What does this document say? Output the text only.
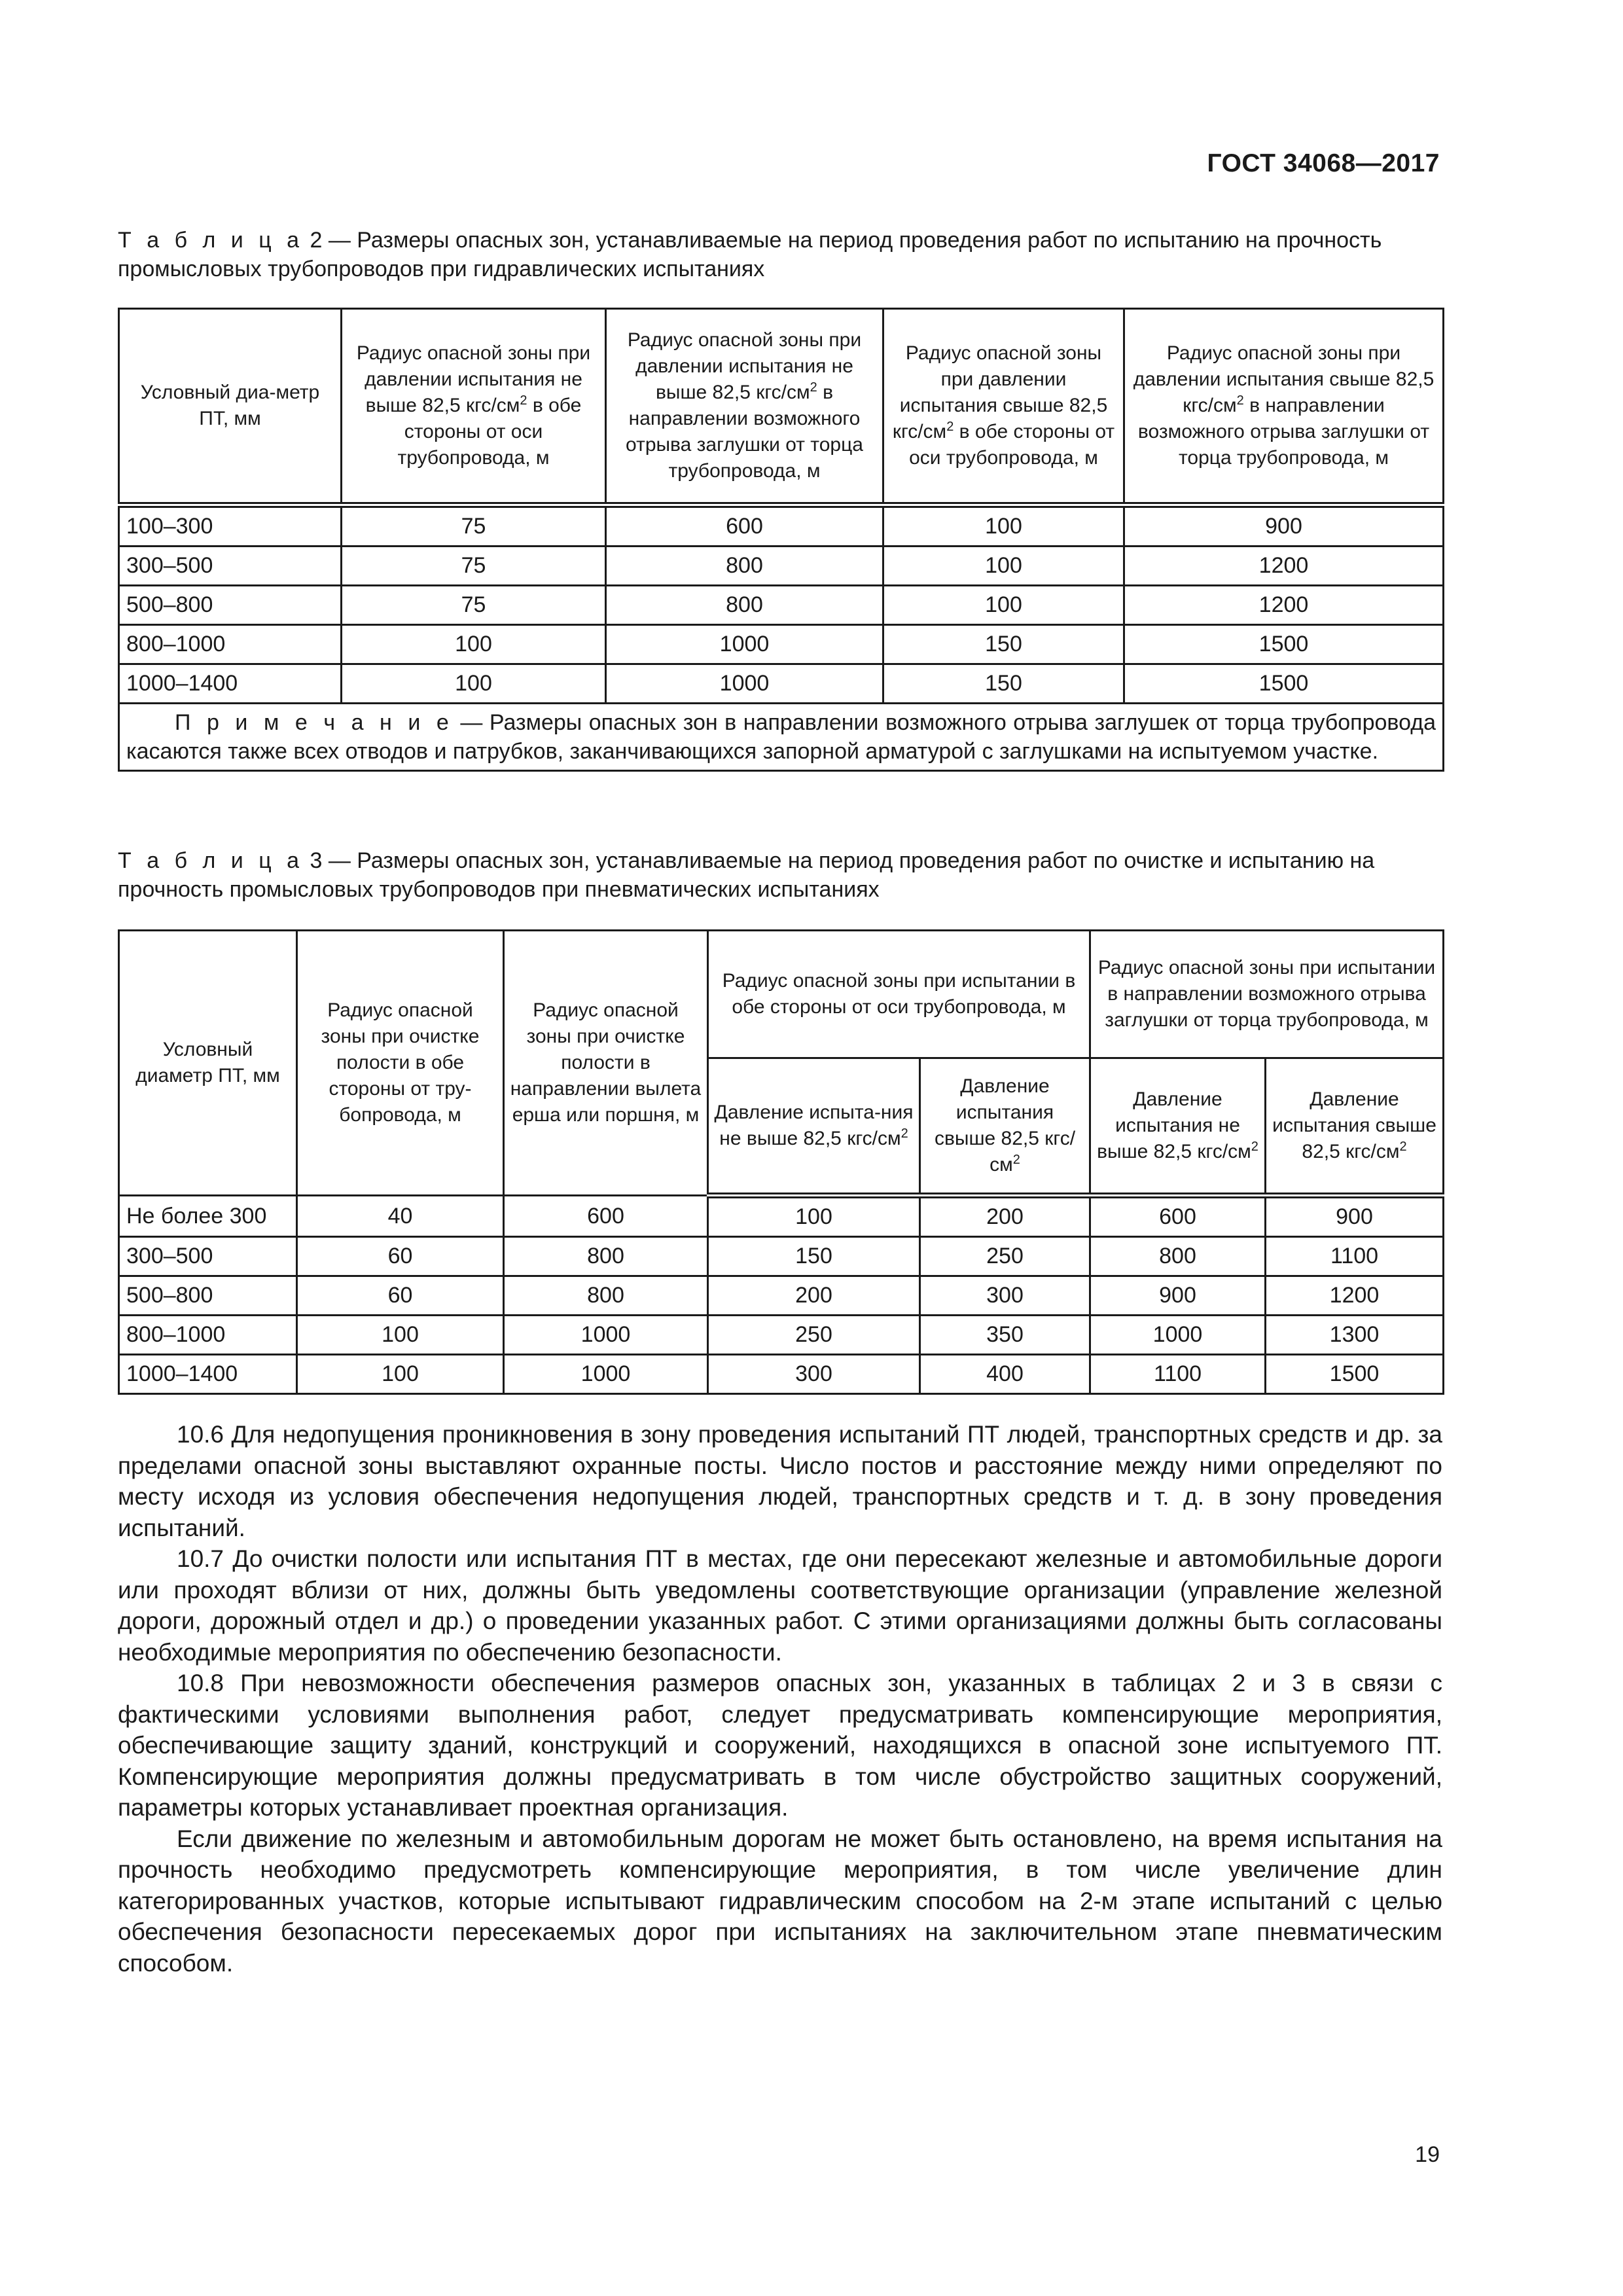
ГОСТ 34068—2017
Т а б л и ц а 2 — Размеры опасных зон, устанавливаемые на период проведения работ по испытанию на прочность промысловых трубопроводов при гидравлических испытаниях
Условный диа-метр ПТ, мм	Радиус опасной зоны при давлении испытания не выше 82,5 кгс/$см^2$ в обе стороны от оси трубопровода, м	Радиус опасной зоны при давлении испытания не выше 82,5 кгс/$см^2$ в направлении возможного отрыва заглушки от торца трубопровода, м	Радиус опасной зоны при давлении испытания свыше 82,5 кгс/$см^2$ в обе стороны от оси трубопровода, м	Радиус опасной зоны при давлении испытания свыше 82,5 кгс/$см^2$ в направлении возможного отрыва заглушки от торца трубопровода, м
100–300	75	600	100	900
300–500	75	800	100	1200
500–800	75	800	100	1200
800–1000	100	1000	150	1500
1000–1400	100	1000	150	1500
П р и м е ч а н и е — Размеры опасных зон в направлении возможного отрыва заглушек от торца трубопровода касаются также всех отводов и патрубков, заканчивающихся запорной арматурой с заглушками на испытуемом участке.				
Т а б л и ц а 3 — Размеры опасных зон, устанавливаемые на период проведения работ по очистке и испытанию на прочность промысловых трубопроводов при пневматических испытаниях
Условный диаметр ПТ, мм	Радиус опасной зоны при очистке полости в обе стороны от тру-бопровода, м	Радиус опасной зоны при очистке полости в направлении вылета ерша или поршня, м	Радиус опасной зоны при испытании в обе стороны от оси трубопровода, м		Радиус опасной зоны при испытании в направлении возможного отрыва заглушки от торца трубопровода, м	
			Давление испыта-ния не выше 82,5 кгс/$см^2$	Давление испытания свыше 82,5 кгс/$см^2$	Давление испытания не выше 82,5 кгс/$см^2$	Давление испытания свыше 82,5 кгс/$см^2$
Не более 300	40	600	100	200	600	900
300–500	60	800	150	250	800	1100
500–800	60	800	200	300	900	1200
800–1000	100	1000	250	350	1000	1300
1000–1400	100	1000	300	400	1100	1500

10.6 Для недопущения проникновения в зону проведения испытаний ПТ людей, транспортных средств и др. за пределами опасной зоны выставляют охранные посты. Число постов и расстояние между ними определяют по месту исходя из условия обеспечения недопущения людей, транспортных средств и т. д. в зону проведения испытаний.

10.7 До очистки полости или испытания ПТ в местах, где они пересекают железные и автомобильные дороги или проходят вблизи от них, должны быть уведомлены соответствующие организации (управление железной дороги, дорожный отдел и др.) о проведении указанных работ. С этими организациями должны быть согласованы необходимые мероприятия по обеспечению безопасности.

10.8 При невозможности обеспечения размеров опасных зон, указанных в таблицах 2 и 3 в связи с фактическими условиями выполнения работ, следует предусматривать компенсирующие мероприятия, обеспечивающие защиту зданий, конструкций и сооружений, находящихся в опасной зоне испытуемого ПТ. Компенсирующие мероприятия должны предусматривать в том числе обустройство защитных сооружений, параметры которых устанавливает проектная организация.

Если движение по железным и автомобильным дорогам не может быть остановлено, на время испытания на прочность необходимо предусмотреть компенсирующие мероприятия, в том числе увеличение длин категорированных участков, которые испытывают гидравлическим способом на 2-м этапе испытаний с целью обеспечения безопасности пересекаемых дорог при испытаниях на заключительном этапе пневматическим способом.

19
